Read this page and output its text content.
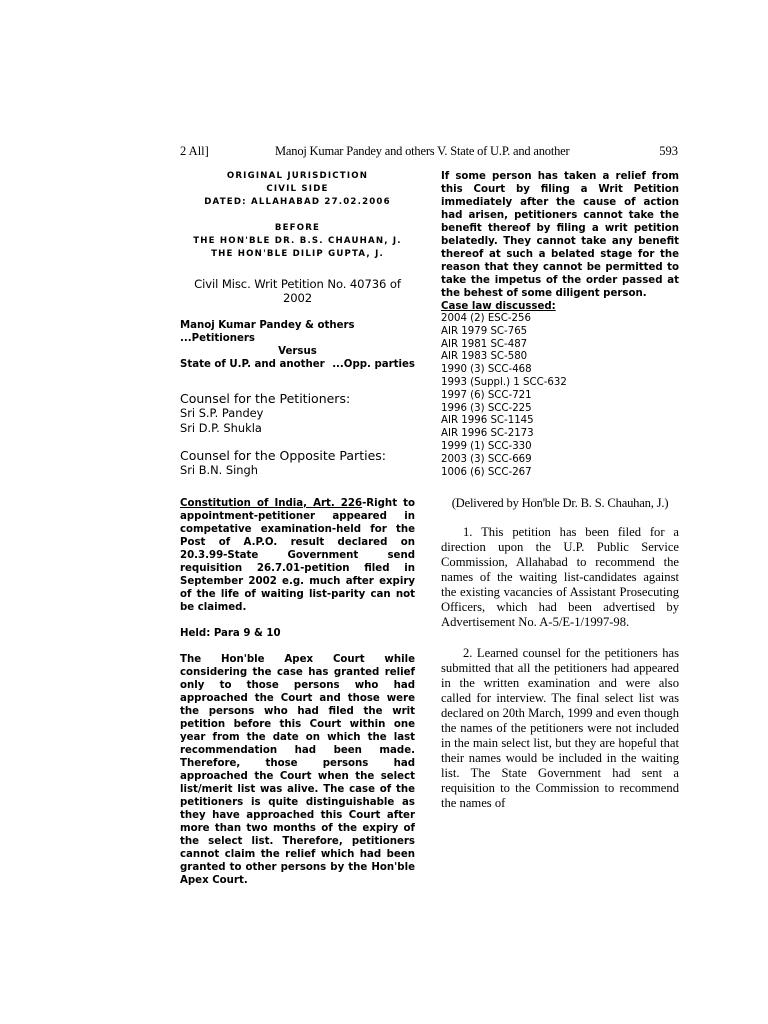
2 All]	Manoj Kumar Pandey and others V. State of U.P. and another	593
ORIGINAL JURISDICTION
CIVIL SIDE
DATED: ALLAHABAD 27.02.2006
BEFORE
THE HON'BLE DR. B.S. CHAUHAN, J.
THE HON'BLE DILIP GUPTA, J.
Civil Misc. Writ Petition No. 40736 of 2002
Manoj Kumar Pandey & others ...Petitioners
Versus
State of U.P. and another ...Opp. parties
Counsel for the Petitioners:
Sri S.P. Pandey
Sri D.P. Shukla
Counsel for the Opposite Parties:
Sri B.N. Singh
Constitution of India, Art. 226-Right to appointment-petitioner appeared in competative examination-held for the Post of A.P.O. result declared on 20.3.99-State Government send requisition 26.7.01-petition filed in September 2002 e.g. much after expiry of the life of waiting list-parity can not be claimed.
Held: Para 9 & 10
The Hon'ble Apex Court while considering the case has granted relief only to those persons who had approached the Court and those were the persons who had filed the writ petition before this Court within one year from the date on which the last recommendation had been made. Therefore, those persons had approached the Court when the select list/merit list was alive. The case of the petitioners is quite distinguishable as they have approached this Court after more than two months of the expiry of the select list. Therefore, petitioners cannot claim the relief which had been granted to other persons by the Hon'ble Apex Court.
If some person has taken a relief from this Court by filing a Writ Petition immediately after the cause of action had arisen, petitioners cannot take the benefit thereof by filing a writ petition belatedly. They cannot take any benefit thereof at such a belated stage for the reason that they cannot be permitted to take the impetus of the order passed at the behest of some diligent person.
Case law discussed:
2004 (2) ESC-256
AIR 1979 SC-765
AIR 1981 SC-487
AIR 1983 SC-580
1990 (3) SCC-468
1993 (Suppl.) 1 SCC-632
1997 (6) SCC-721
1996 (3) SCC-225
AIR 1996 SC-1145
AIR 1996 SC-2173
1999 (1) SCC-330
2003 (3) SCC-669
1006 (6) SCC-267
(Delivered by Hon'ble Dr. B. S. Chauhan, J.)
1. This petition has been filed for a direction upon the U.P. Public Service Commission, Allahabad to recommend the names of the waiting list-candidates against the existing vacancies of Assistant Prosecuting Officers, which had been advertised by Advertisement No. A-5/E-1/1997-98.
2. Learned counsel for the petitioners has submitted that all the petitioners had appeared in the written examination and were also called for interview. The final select list was declared on 20th March, 1999 and even though the names of the petitioners were not included in the main select list, but they are hopeful that their names would be included in the waiting list. The State Government had sent a requisition to the Commission to recommend the names of
